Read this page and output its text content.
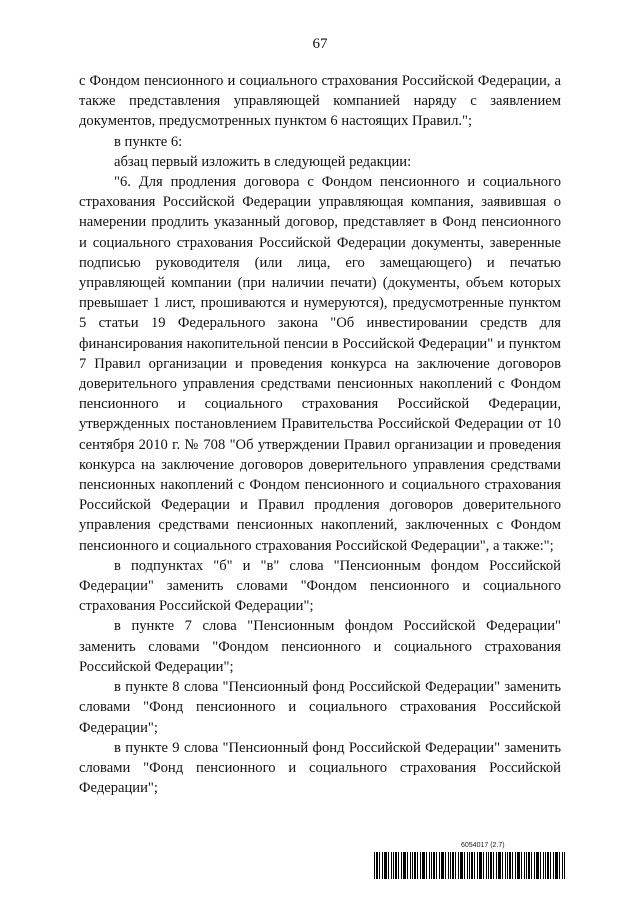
67

с Фондом пенсионного и социального страхования Российской Федерации, а также представления управляющей компанией наряду с заявлением документов, предусмотренных пунктом 6 настоящих Правил.";

в пункте 6:

абзац первый изложить в следующей редакции:

"6. Для продления договора с Фондом пенсионного и социального страхования Российской Федерации управляющая компания, заявившая о намерении продлить указанный договор, представляет в Фонд пенсионного и социального страхования Российской Федерации документы, заверенные подписью руководителя (или лица, его замещающего) и печатью управляющей компании (при наличии печати) (документы, объем которых превышает 1 лист, прошиваются и нумеруются), предусмотренные пунктом 5 статьи 19 Федерального закона "Об инвестировании средств для финансирования накопительной пенсии в Российской Федерации" и пунктом 7 Правил организации и проведения конкурса на заключение договоров доверительного управления средствами пенсионных накоплений с Фондом пенсионного и социального страхования Российской Федерации, утвержденных постановлением Правительства Российской Федерации от 10 сентября 2010 г. № 708 "Об утверждении Правил организации и проведения конкурса на заключение договоров доверительного управления средствами пенсионных накоплений с Фондом пенсионного и социального страхования Российской Федерации и Правил продления договоров доверительного управления средствами пенсионных накоплений, заключенных с Фондом пенсионного и социального страхования Российской Федерации", а также:";

в подпунктах "б" и "в" слова "Пенсионным фондом Российской Федерации" заменить словами "Фондом пенсионного и социального страхования Российской Федерации";

в пункте 7 слова "Пенсионным фондом Российской Федерации" заменить словами "Фондом пенсионного и социального страхования Российской Федерации";

в пункте 8 слова "Пенсионный фонд Российской Федерации" заменить словами "Фонд пенсионного и социального страхования Российской Федерации";

в пункте 9 слова "Пенсионный фонд Российской Федерации" заменить словами "Фонд пенсионного и социального страхования Российской Федерации";

6054017 (2.7)
